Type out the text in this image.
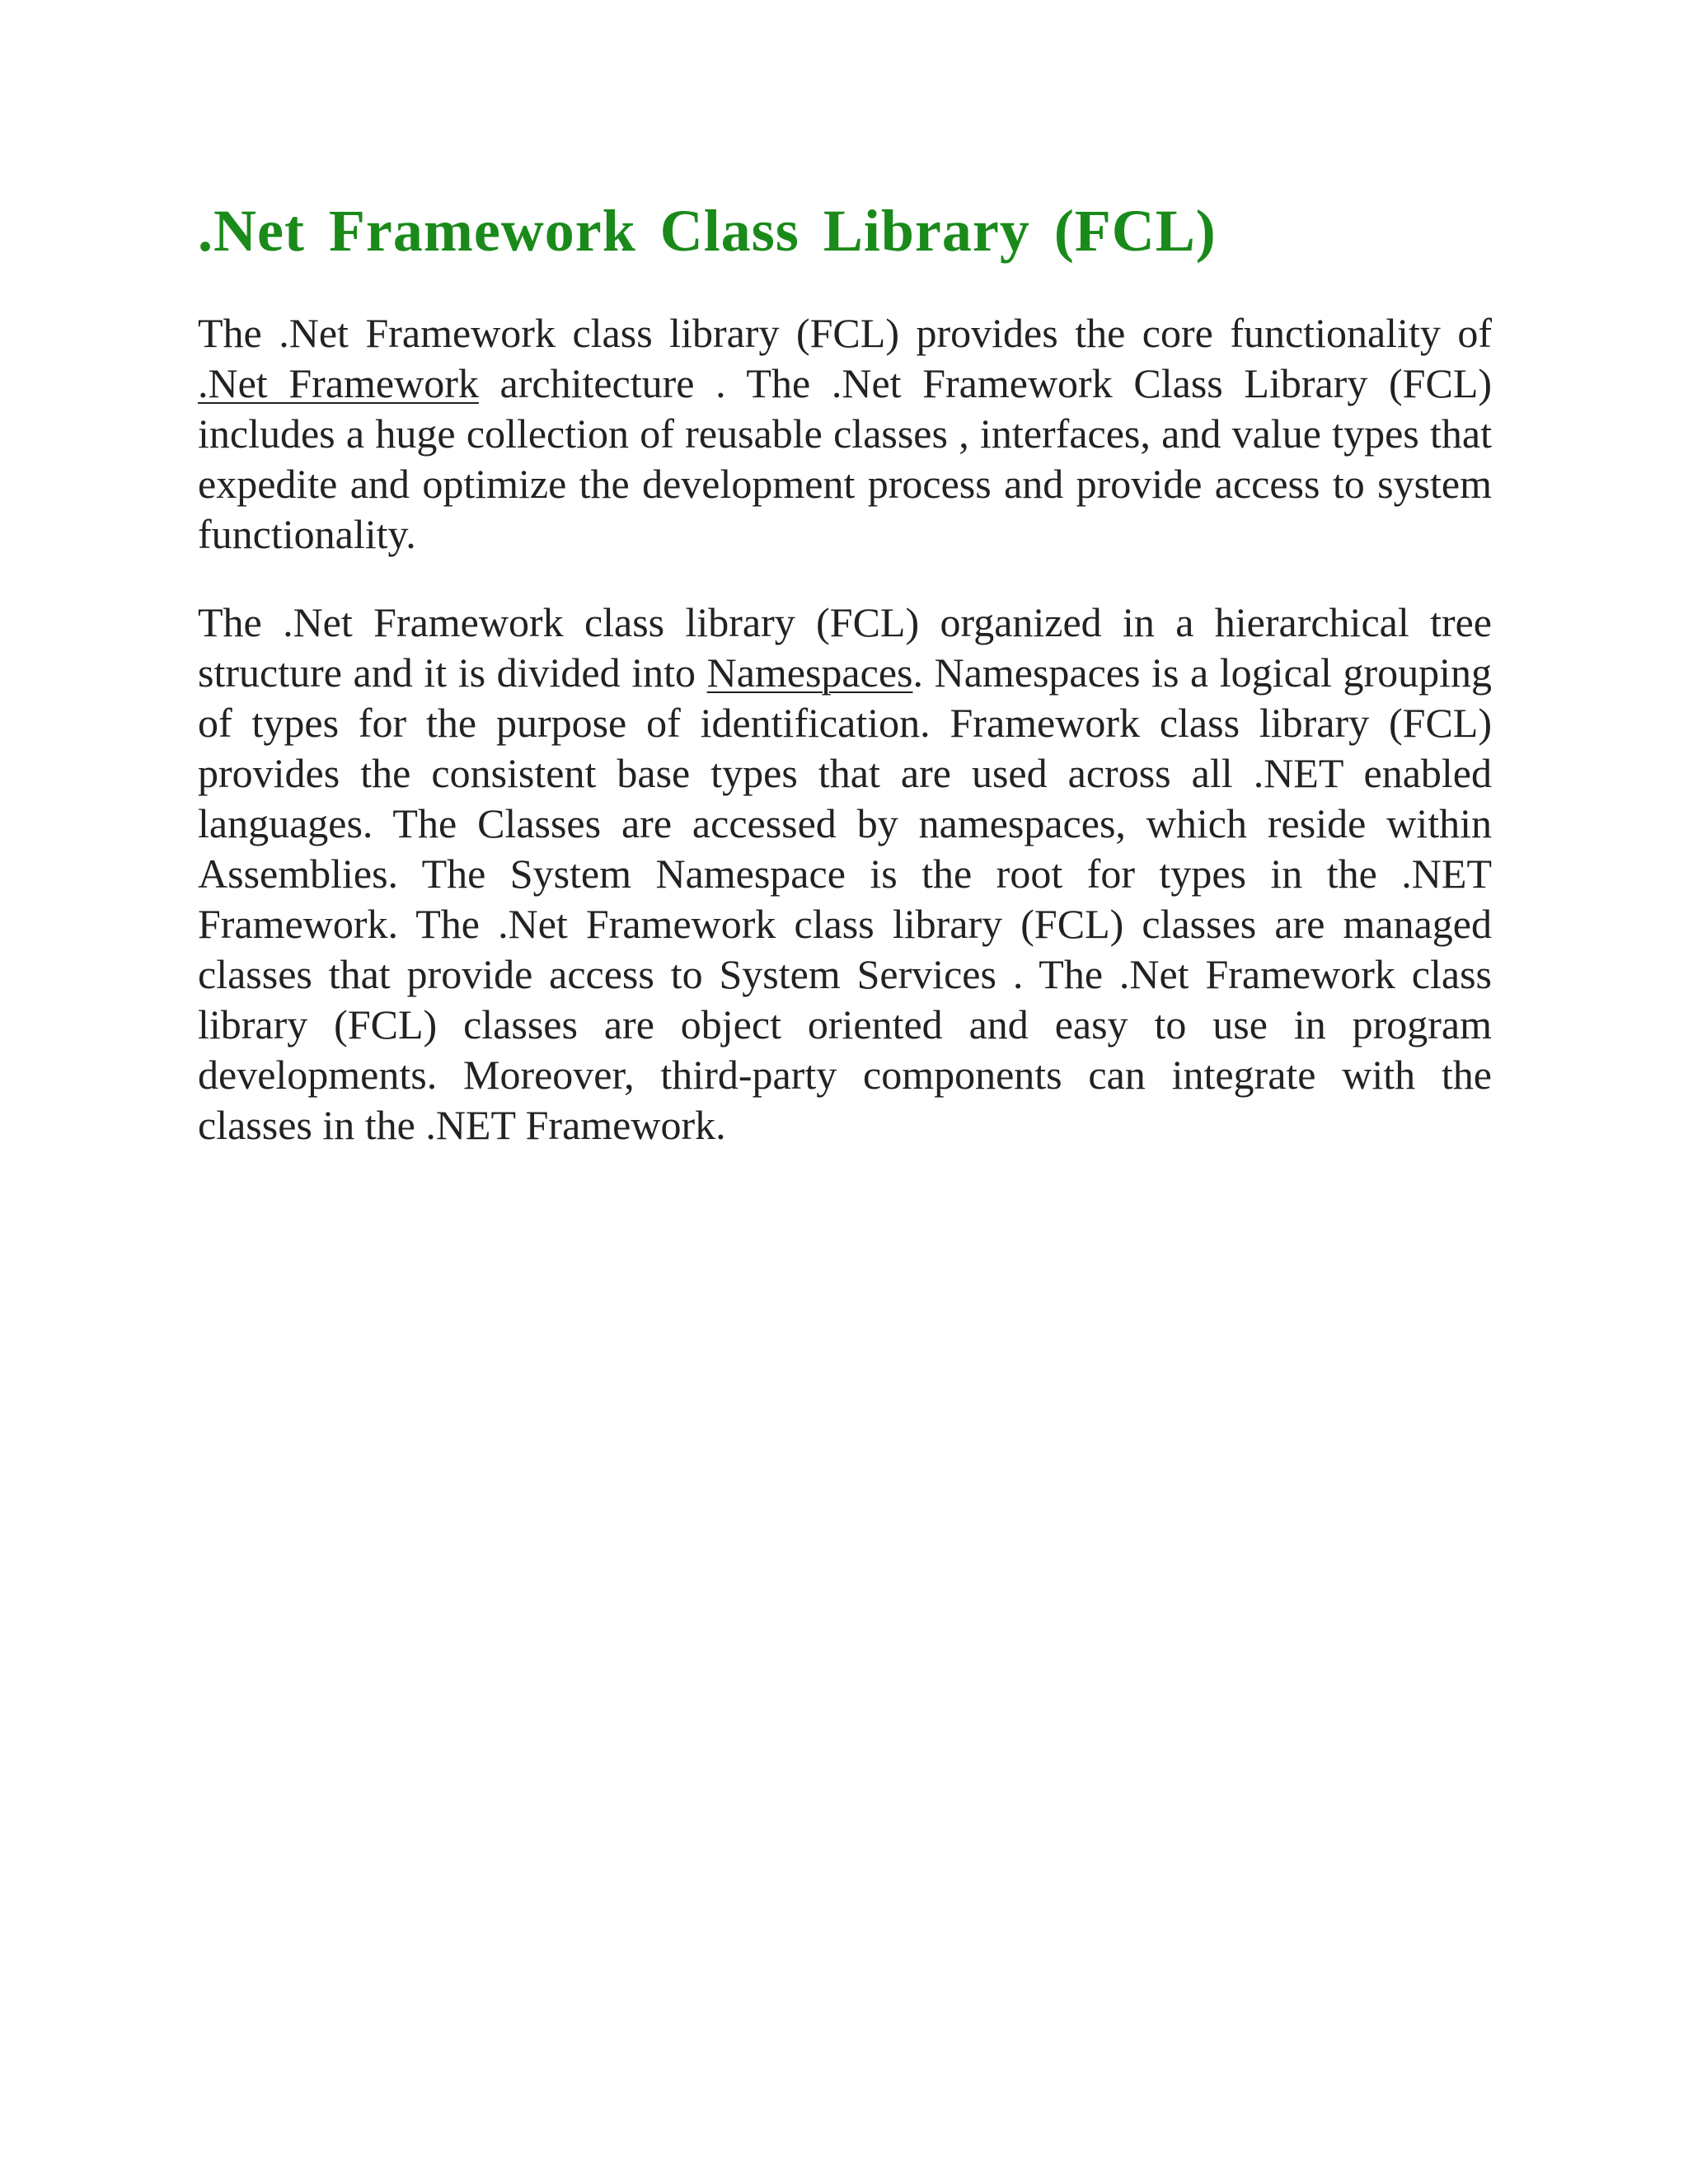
.Net Framework Class Library (FCL)

The .Net Framework class library (FCL) provides the core functionality of .Net Framework architecture . The .Net Framework Class Library (FCL) includes a huge collection of reusable classes , interfaces, and value types that expedite and optimize the development process and provide access to system functionality.

The .Net Framework class library (FCL) organized in a hierarchical tree structure and it is divided into Namespaces. Namespaces is a logical grouping of types for the purpose of identification. Framework class library (FCL) provides the consistent base types that are used across all .NET enabled languages. The Classes are accessed by namespaces, which reside within Assemblies. The System Namespace is the root for types in the .NET Framework. The .Net Framework class library (FCL) classes are managed classes that provide access to System Services . The .Net Framework class library (FCL) classes are object oriented and easy to use in program developments. Moreover, third-party components can integrate with the classes in the .NET Framework.
